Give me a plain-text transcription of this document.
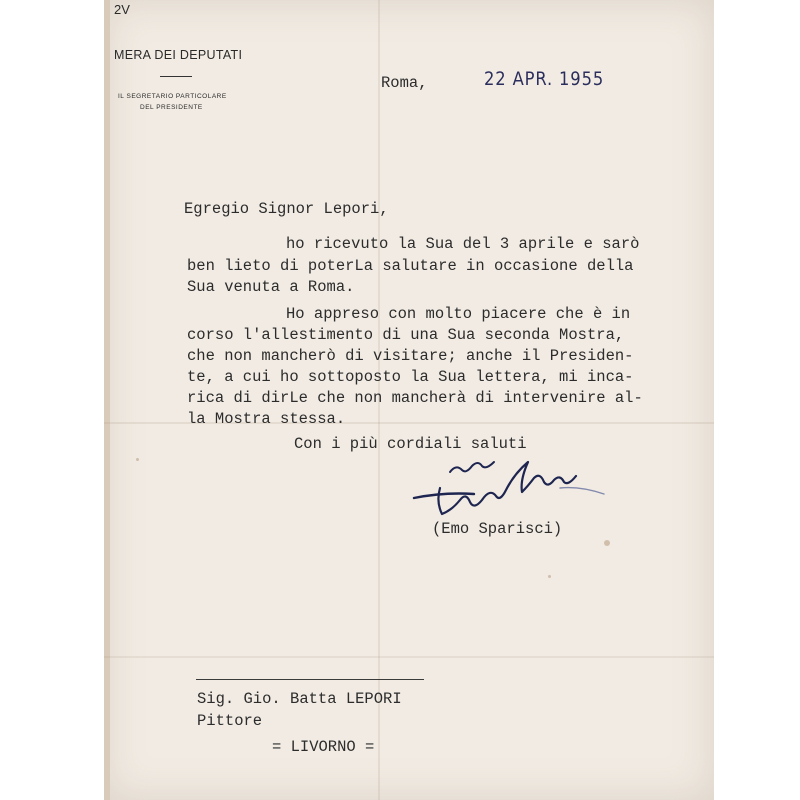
2V
MERA DEI DEPUTATI
IL SEGRETARIO PARTICOLARE
DEL PRESIDENTE
Roma,	22 APR. 1955
Egregio Signor Lepori,
ho ricevuto la Sua del 3 aprile e sarò
ben lieto di poterLa salutare in occasione della
Sua venuta a Roma.
Ho appreso con molto piacere che è in
corso l'allestimento di una Sua seconda Mostra,
che non mancherò di visitare; anche il Presiden-
te, a cui ho sottoposto la Sua lettera, mi inca-
rica di dirLe che non mancherà di intervenire al-
la Mostra stessa.
Con i più cordiali saluti
(Emo Sparisci)
Sig. Gio. Batta LEPORI
Pittore
= LIVORNO =
